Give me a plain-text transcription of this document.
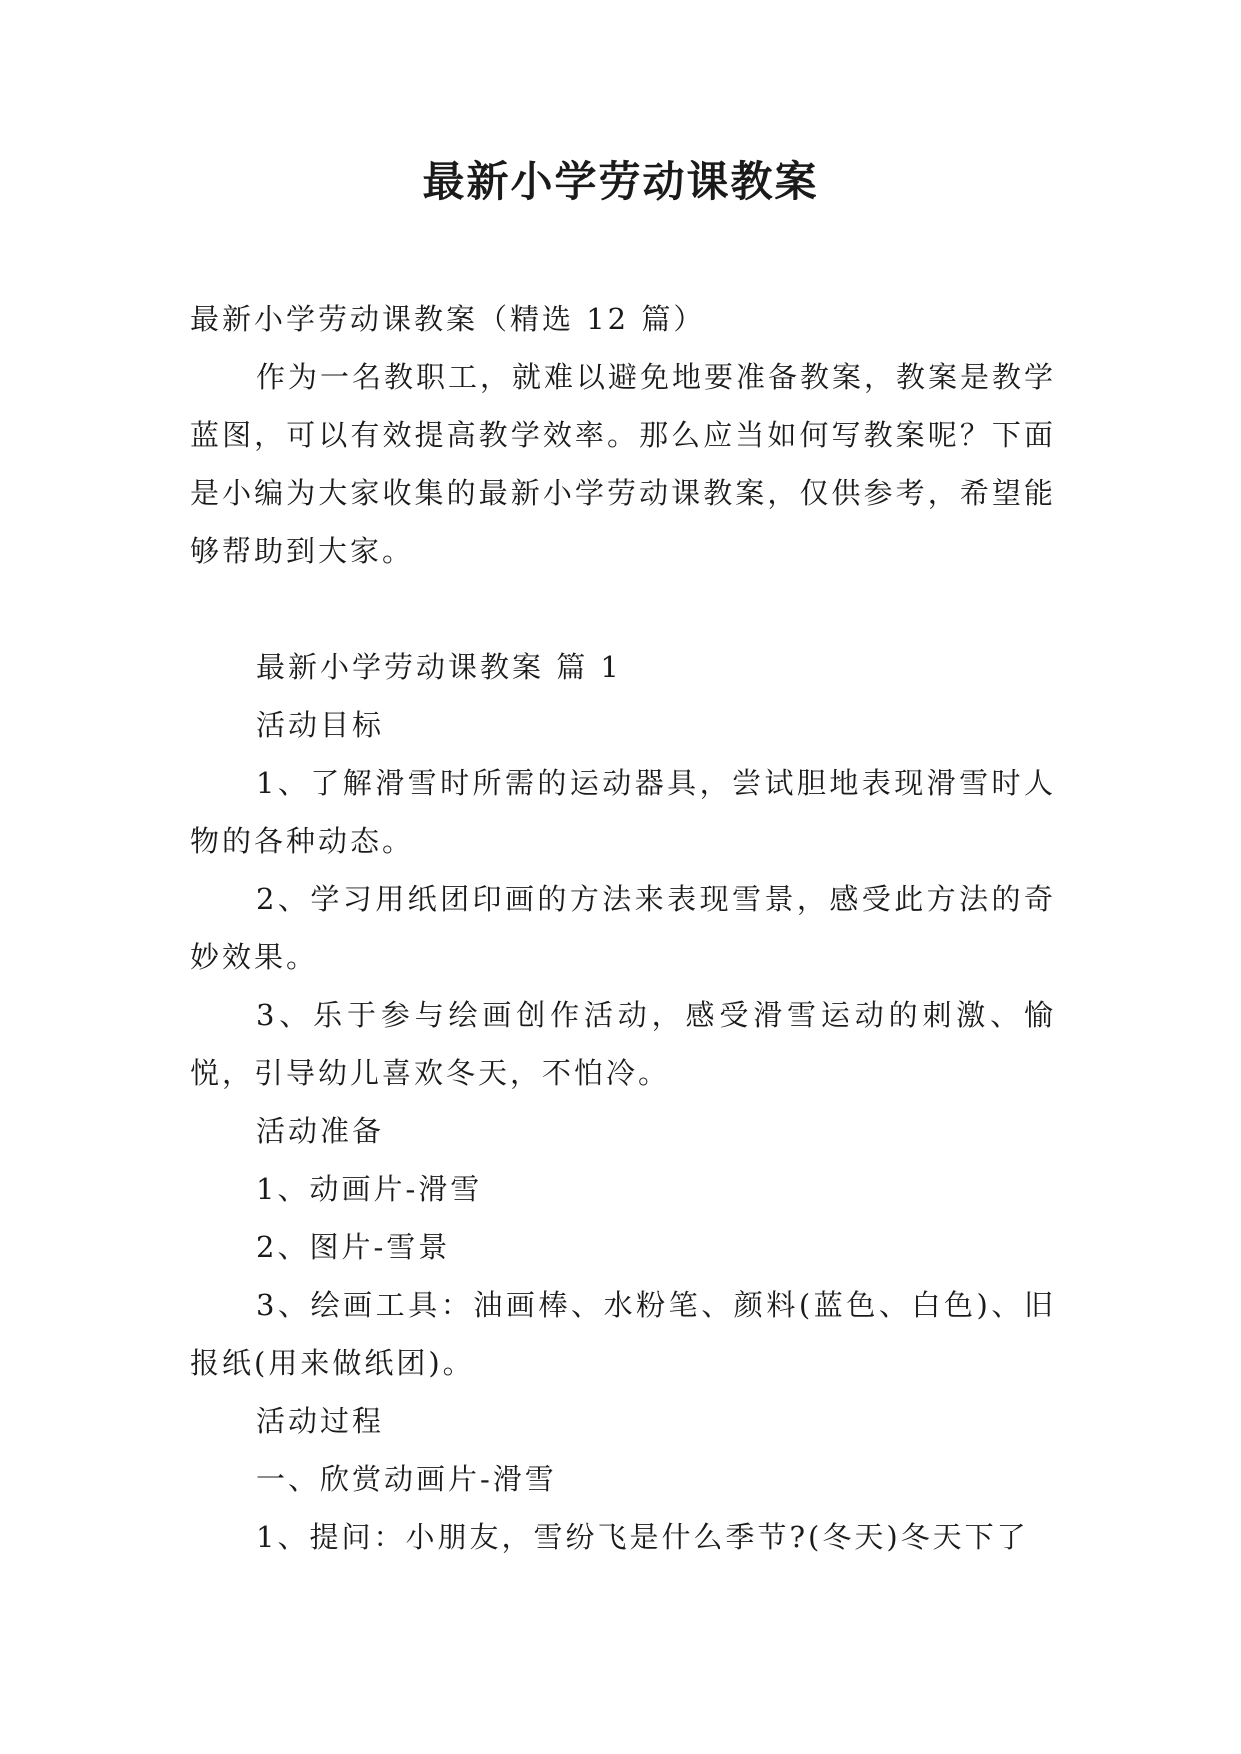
最新小学劳动课教案

最新小学劳动课教案（精选 12 篇）

作为一名教职工，就难以避免地要准备教案，教案是教学蓝图，可以有效提高教学效率。那么应当如何写教案呢？下面是小编为大家收集的最新小学劳动课教案，仅供参考，希望能够帮助到大家。

最新小学劳动课教案 篇 1

活动目标

1、了解滑雪时所需的运动器具，尝试胆地表现滑雪时人物的各种动态。

2、学习用纸团印画的方法来表现雪景，感受此方法的奇妙效果。

3、乐于参与绘画创作活动，感受滑雪运动的刺激、愉悦，引导幼儿喜欢冬天，不怕冷。

活动准备

1、动画片-滑雪

2、图片-雪景

3、绘画工具：油画棒、水粉笔、颜料(蓝色、白色)、旧报纸(用来做纸团)。

活动过程

一、欣赏动画片-滑雪

1、提问：小朋友，雪纷飞是什么季节?(冬天)冬天下了
